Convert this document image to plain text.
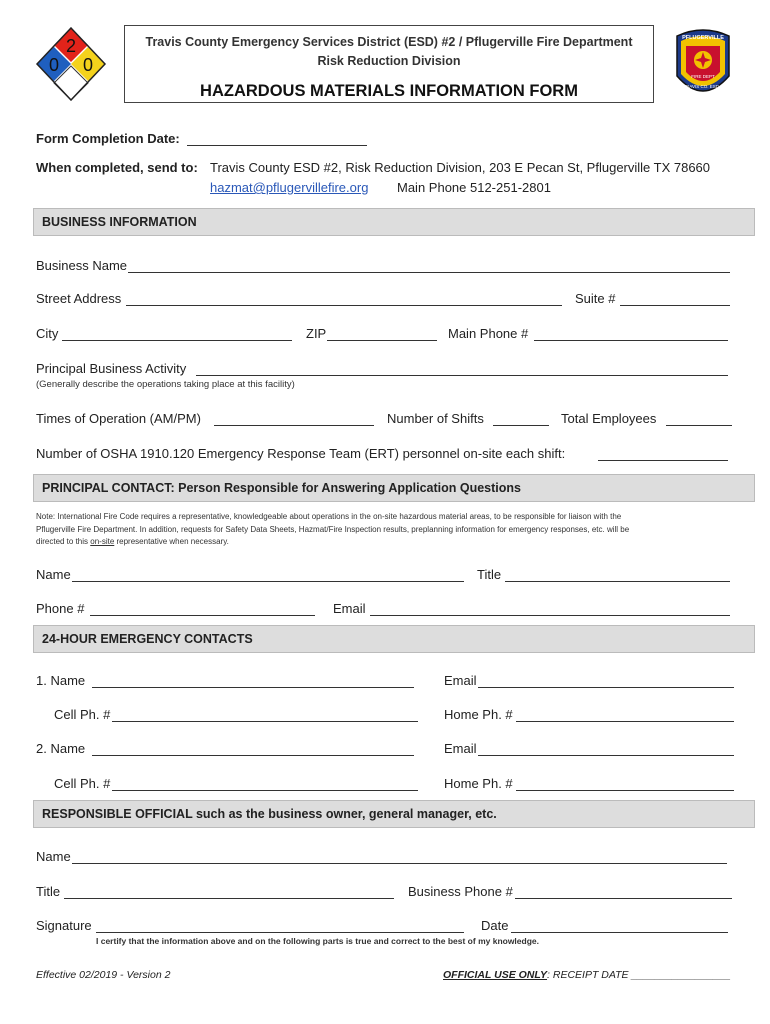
2
0 0
Travis County Emergency Services District (ESD) #2 / Pflugerville Fire Department
Risk Reduction Division
HAZARDOUS MATERIALS INFORMATION FORM
PFLUGERVILLE
FIRE DEPT
TRAVIS CO. ESD 2
Form Completion Date:
When completed, send to: Travis County ESD #2, Risk Reduction Division, 203 E Pecan St, Pflugerville TX 78660
hazmat@pflugervillefire.org Main Phone 512-251-2801
BUSINESS INFORMATION
Business Name
Street Address	Suite #
City	ZIP	Main Phone #
Principal Business Activity
(Generally describe the operations taking place at this facility)
Times of Operation (AM/PM)	Number of Shifts	Total Employees
Number of OSHA 1910.120 Emergency Response Team (ERT) personnel on-site each shift:
PRINCIPAL CONTACT: Person Responsible for Answering Application Questions
Note: International Fire Code requires a representative, knowledgeable about operations in the on-site hazardous material areas, to be responsible for liaison with the
Pflugerville Fire Department. In addition, requests for Safety Data Sheets, Hazmat/Fire Inspection results, preplanning information for emergency responses, etc. will be
directed to this on-site representative when necessary.
Name	Title
Phone #	Email
24-HOUR EMERGENCY CONTACTS
1. Name	Email
Cell Ph. #	Home Ph. #
2. Name	Email
Cell Ph. #	Home Ph. #
RESPONSIBLE OFFICIAL such as the business owner, general manager, etc.
Name
Title	Business Phone #
Signature	Date
I certify that the information above and on the following parts is true and correct to the best of my knowledge.
Effective 02/2019 - Version 2	OFFICIAL USE ONLY: RECEIPT DATE _________________
